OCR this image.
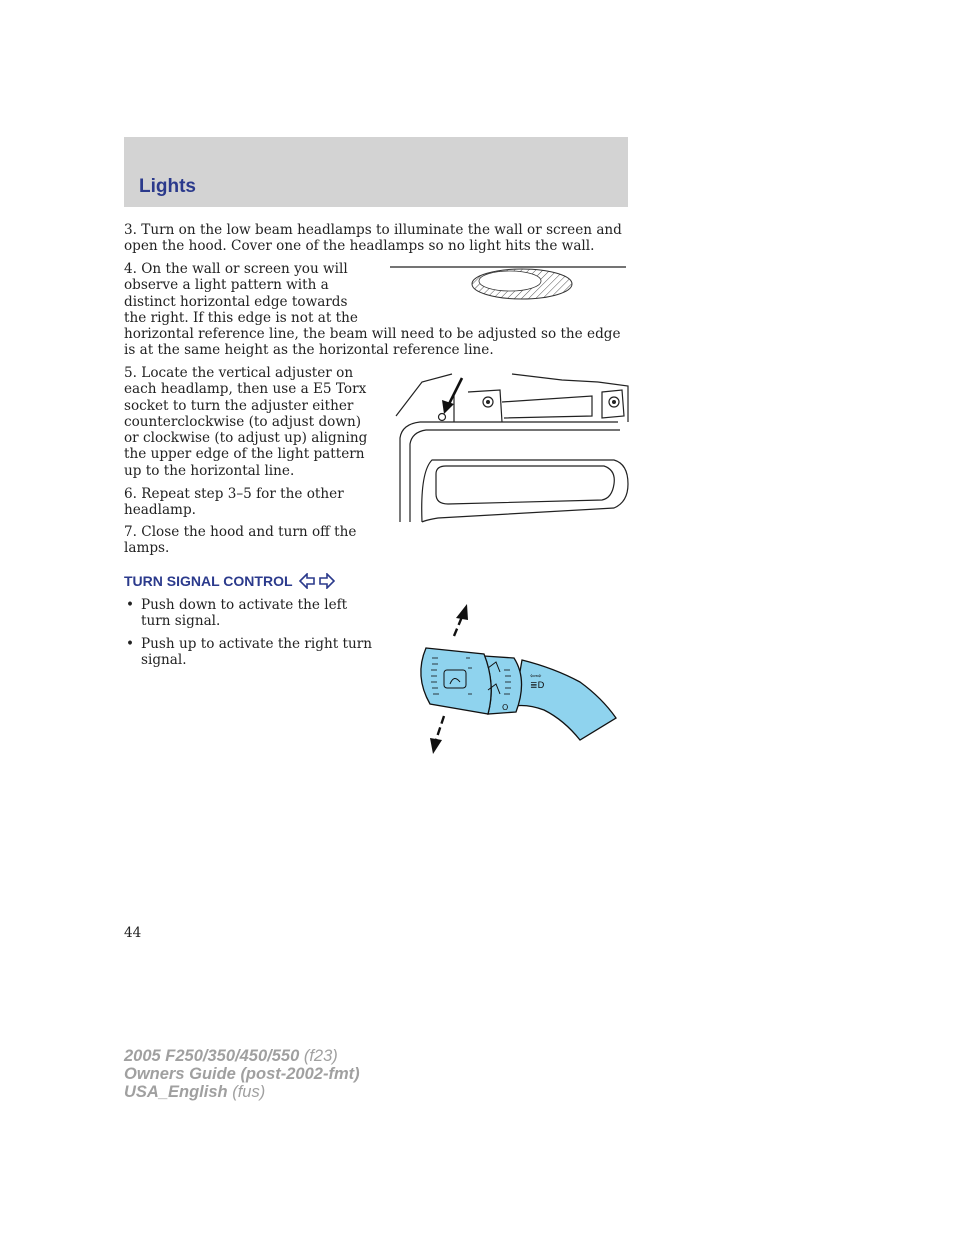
Lights

3. Turn on the low beam headlamps to illuminate the wall or screen and open the hood. Cover one of the headlamps so no light hits the wall.

4. On the wall or screen you will observe a light pattern with a distinct horizontal edge towards the right. If this edge is not at the

horizontal reference line, the beam will need to be adjusted so the edge is at the same height as the horizontal reference line.

5. Locate the vertical adjuster on each headlamp, then use a E5 Torx socket to turn the adjuster either counterclockwise (to adjust down) or clockwise (to adjust up) aligning the upper edge of the light pattern up to the horizontal line.

6. Repeat step 3–5 for the other headlamp.

7. Close the hood and turn off the lamps.

TURN SIGNAL CONTROL
• Push down to activate the left turn signal.
• Push up to activate the right turn signal.
O
≣D
⇦⇨
44
2005 F250/350/450/550 (f23)
Owners Guide (post-2002-fmt)
USA_English (fus)
